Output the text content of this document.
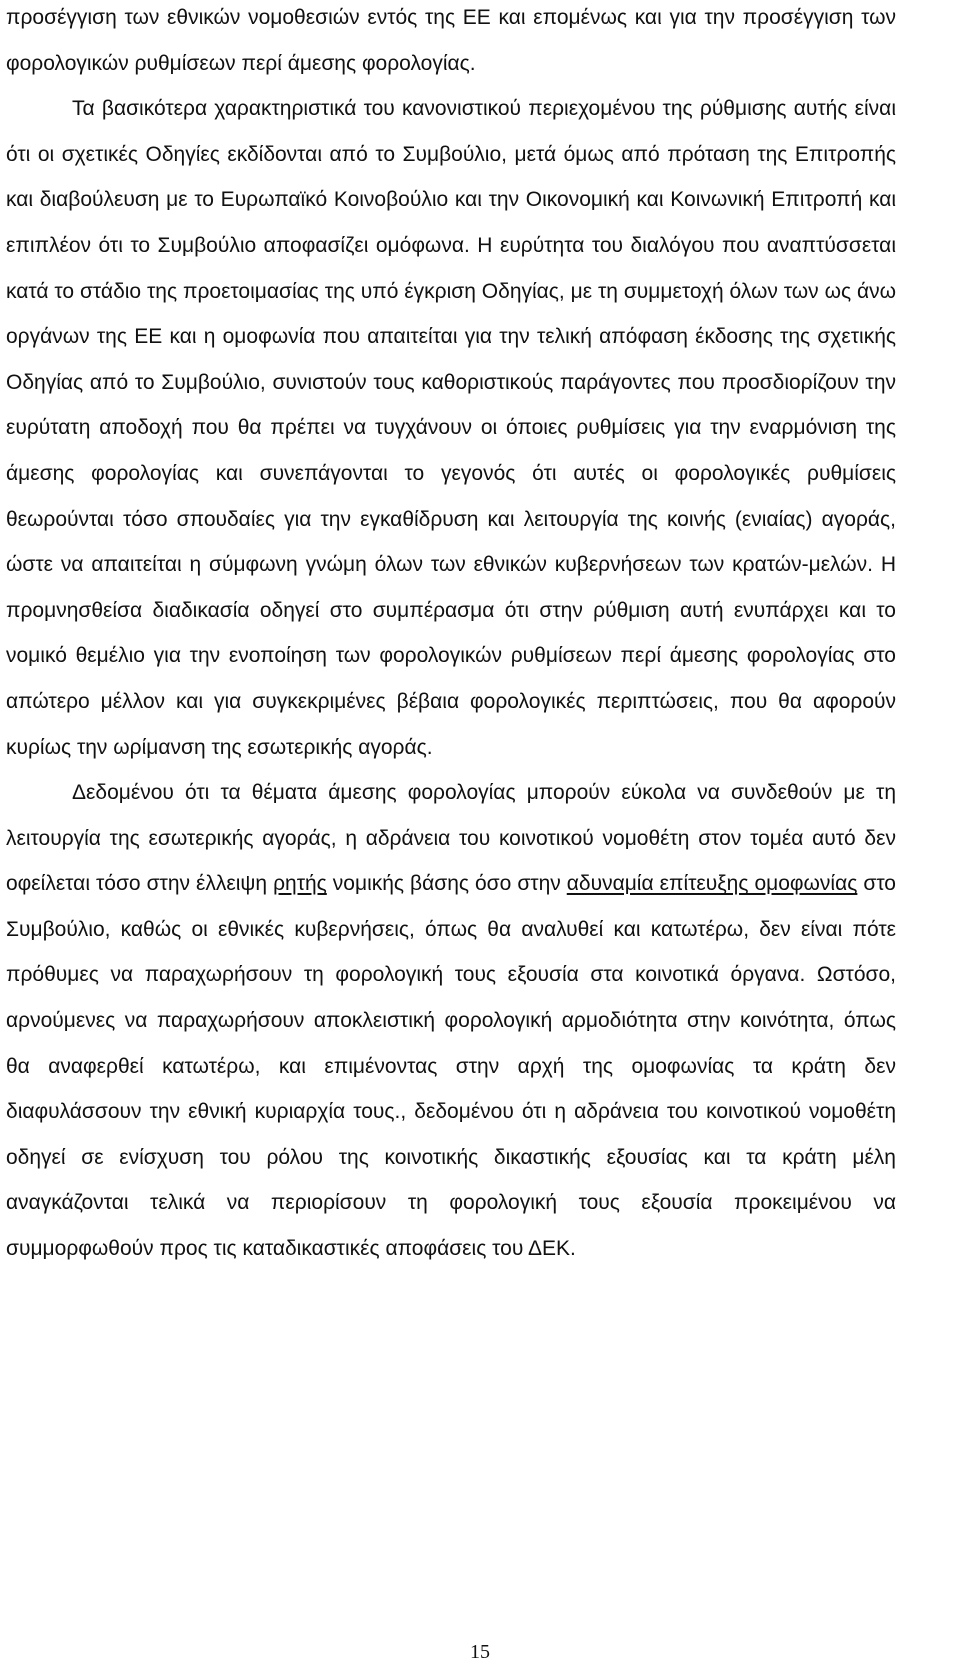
προσέγγιση των εθνικών νομοθεσιών εντός της ΕΕ και επομένως και για την προσέγγιση των φορολογικών ρυθμίσεων περί άμεσης φορολογίας.

Τα βασικότερα χαρακτηριστικά του κανονιστικού περιεχομένου της ρύθμισης αυτής είναι ότι οι σχετικές Οδηγίες εκδίδονται από το Συμβούλιο, μετά όμως από πρόταση της Επιτροπής και διαβούλευση με το Ευρωπαϊκό Κοινοβούλιο και την Οικονομική και Κοινωνική Επιτροπή και επιπλέον ότι το Συμβούλιο αποφασίζει ομόφωνα. Η ευρύτητα του διαλόγου που αναπτύσσεται κατά το στάδιο της προετοιμασίας της υπό έγκριση Οδηγίας, με τη συμμετοχή όλων των ως άνω οργάνων της ΕΕ και η ομοφωνία που απαιτείται για την τελική απόφαση έκδοσης της σχετικής Οδηγίας από το Συμβούλιο, συνιστούν τους καθοριστικούς παράγοντες που προσδιορίζουν την ευρύτατη αποδοχή που θα πρέπει να τυγχάνουν οι όποιες ρυθμίσεις για την εναρμόνιση της άμεσης φορολογίας και συνεπάγονται το γεγονός ότι αυτές οι φορολογικές ρυθμίσεις θεωρούνται τόσο σπουδαίες για την εγκαθίδρυση και λειτουργία της κοινής (ενιαίας) αγοράς, ώστε να απαιτείται η σύμφωνη γνώμη όλων των εθνικών κυβερνήσεων των κρατών-μελών. Η προμνησθείσα διαδικασία οδηγεί στο συμπέρασμα ότι στην ρύθμιση αυτή ενυπάρχει και το νομικό θεμέλιο για την ενοποίηση των φορολογικών ρυθμίσεων περί άμεσης φορολογίας στο απώτερο μέλλον και για συγκεκριμένες βέβαια φορολογικές περιπτώσεις, που θα αφορούν κυρίως την ωρίμανση της εσωτερικής αγοράς.

Δεδομένου ότι τα θέματα άμεσης φορολογίας μπορούν εύκολα να συνδεθούν με τη λειτουργία της εσωτερικής αγοράς, η αδράνεια του κοινοτικού νομοθέτη στον τομέα αυτό δεν οφείλεται τόσο στην έλλειψη ρητής νομικής βάσης όσο στην αδυναμία επίτευξης ομοφωνίας στο Συμβούλιο, καθώς οι εθνικές κυβερνήσεις, όπως θα αναλυθεί και κατωτέρω, δεν είναι πότε πρόθυμες να παραχωρήσουν τη φορολογική τους εξουσία στα κοινοτικά όργανα. Ωστόσο, αρνούμενες να παραχωρήσουν αποκλειστική φορολογική αρμοδιότητα στην κοινότητα, όπως θα αναφερθεί κατωτέρω, και επιμένοντας στην αρχή της ομοφωνίας τα κράτη δεν διαφυλάσσουν την εθνική κυριαρχία τους., δεδομένου ότι η αδράνεια του κοινοτικού νομοθέτη οδηγεί σε ενίσχυση του ρόλου της κοινοτικής δικαστικής εξουσίας και τα κράτη μέλη αναγκάζονται τελικά να περιορίσουν τη φορολογική τους εξουσία προκειμένου να συμμορφωθούν προς τις καταδικαστικές αποφάσεις του ΔΕΚ.

15
